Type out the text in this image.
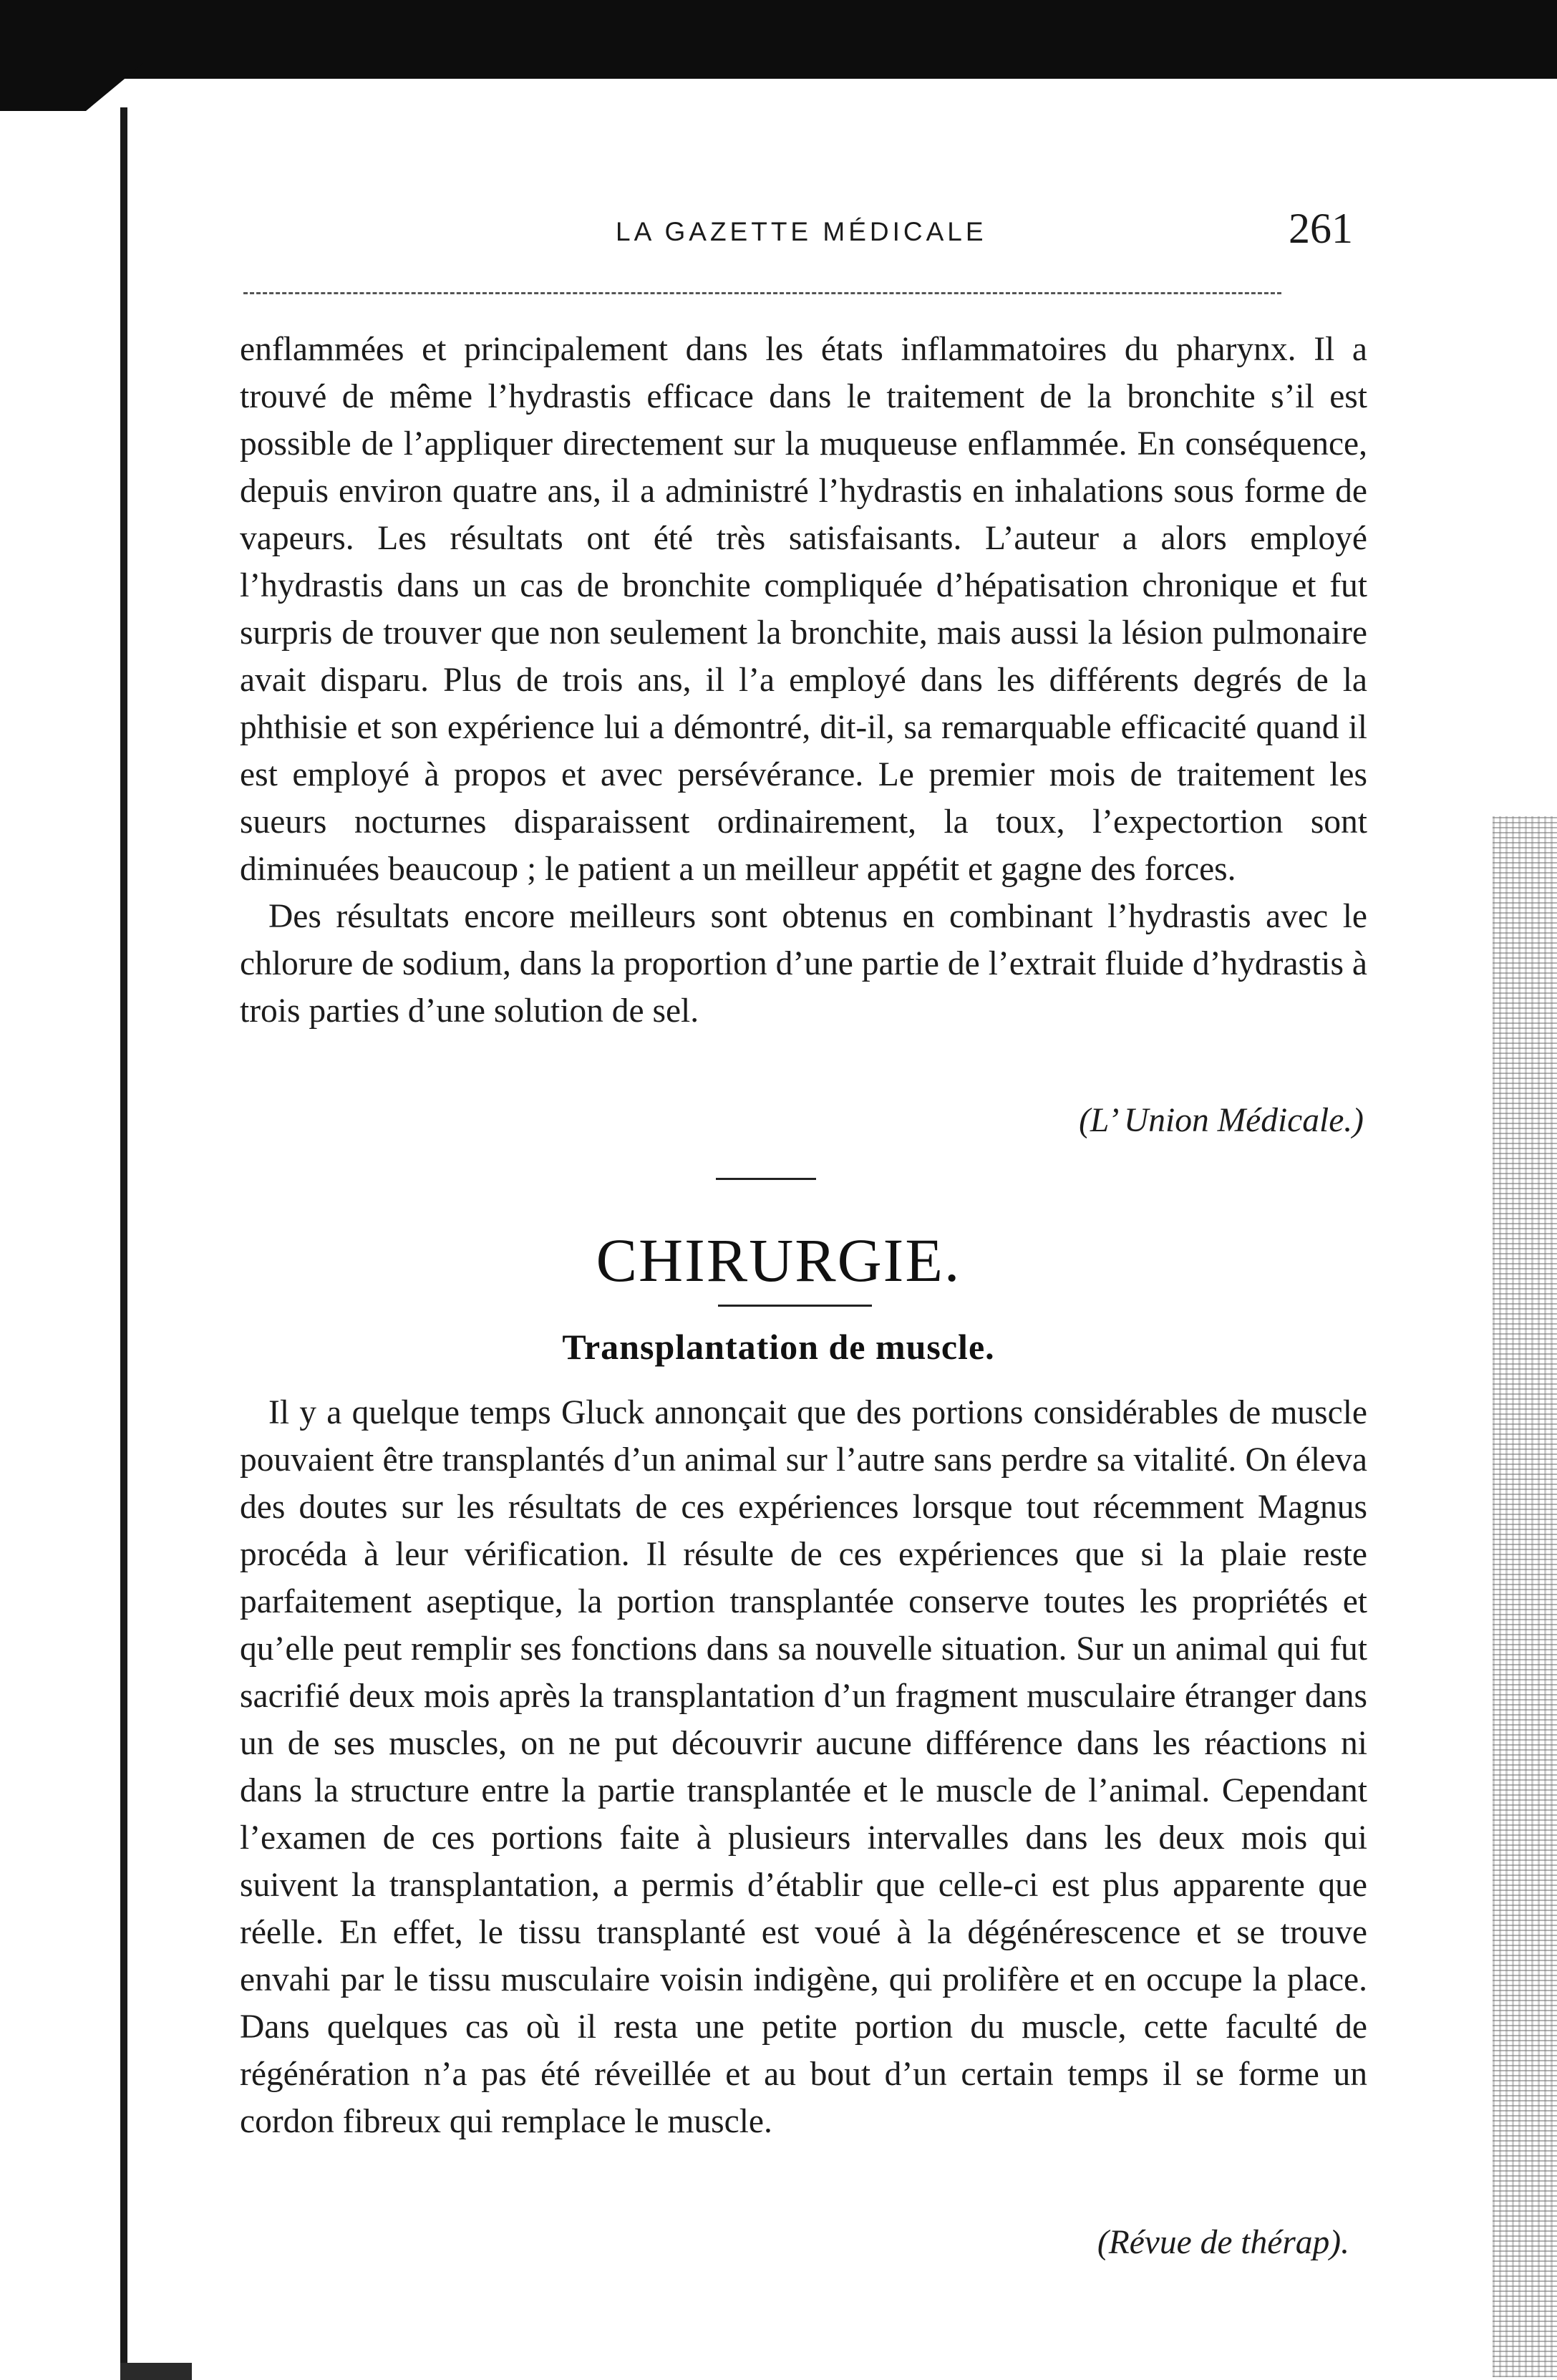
LA GAZETTE MÉDICALE	261

enflammées et principalement dans les états inflammatoires du pharynx. Il a trouvé de même l’hydrastis efficace dans le traitement de la bronchite s’il est possible de l’appliquer directement sur la muqueuse enflammée. En conséquence, depuis environ quatre ans, il a administré l’hydrastis en inhalations sous forme de vapeurs. Les résultats ont été très satisfaisants. L’auteur a alors employé l’hydrastis dans un cas de bronchite compliquée d’hépatisation chronique et fut surpris de trouver que non seulement la bronchite, mais aussi la lésion pulmonaire avait disparu. Plus de trois ans, il l’a employé dans les différents degrés de la phthisie et son expérience lui a démontré, dit-il, sa remarquable efficacité quand il est employé à propos et avec persévérance. Le premier mois de traitement les sueurs nocturnes disparaissent ordinairement, la toux, l’expectortion sont diminuées beaucoup ; le patient a un meilleur appétit et gagne des forces.

Des résultats encore meilleurs sont obtenus en combinant l’hydrastis avec le chlorure de sodium, dans la proportion d’une partie de l’extrait fluide d’hydrastis à trois parties d’une solution de sel.

(L’ Union Médicale.)
CHIRURGIE.
Transplantation de muscle.

Il y a quelque temps Gluck annonçait que des portions considérables de muscle pouvaient être transplantés d’un animal sur l’autre sans perdre sa vitalité. On éleva des doutes sur les résultats de ces expériences lorsque tout récemment Magnus procéda à leur vérification. Il résulte de ces expériences que si la plaie reste parfaitement aseptique, la portion transplantée conserve toutes les propriétés et qu’elle peut remplir ses fonctions dans sa nouvelle situation. Sur un animal qui fut sacrifié deux mois après la transplantation d’un fragment musculaire étranger dans un de ses muscles, on ne put découvrir aucune différence dans les réactions ni dans la structure entre la partie transplantée et le muscle de l’animal. Cependant l’examen de ces portions faite à plusieurs intervalles dans les deux mois qui suivent la transplantation, a permis d’établir que celle-ci est plus apparente que réelle. En effet, le tissu transplanté est voué à la dégénérescence et se trouve envahi par le tissu musculaire voisin indigène, qui prolifère et en occupe la place. Dans quelques cas où il resta une petite portion du muscle, cette faculté de régénération n’a pas été réveillée et au bout d’un certain temps il se forme un cordon fibreux qui remplace le muscle.

(Révue de thérap).
